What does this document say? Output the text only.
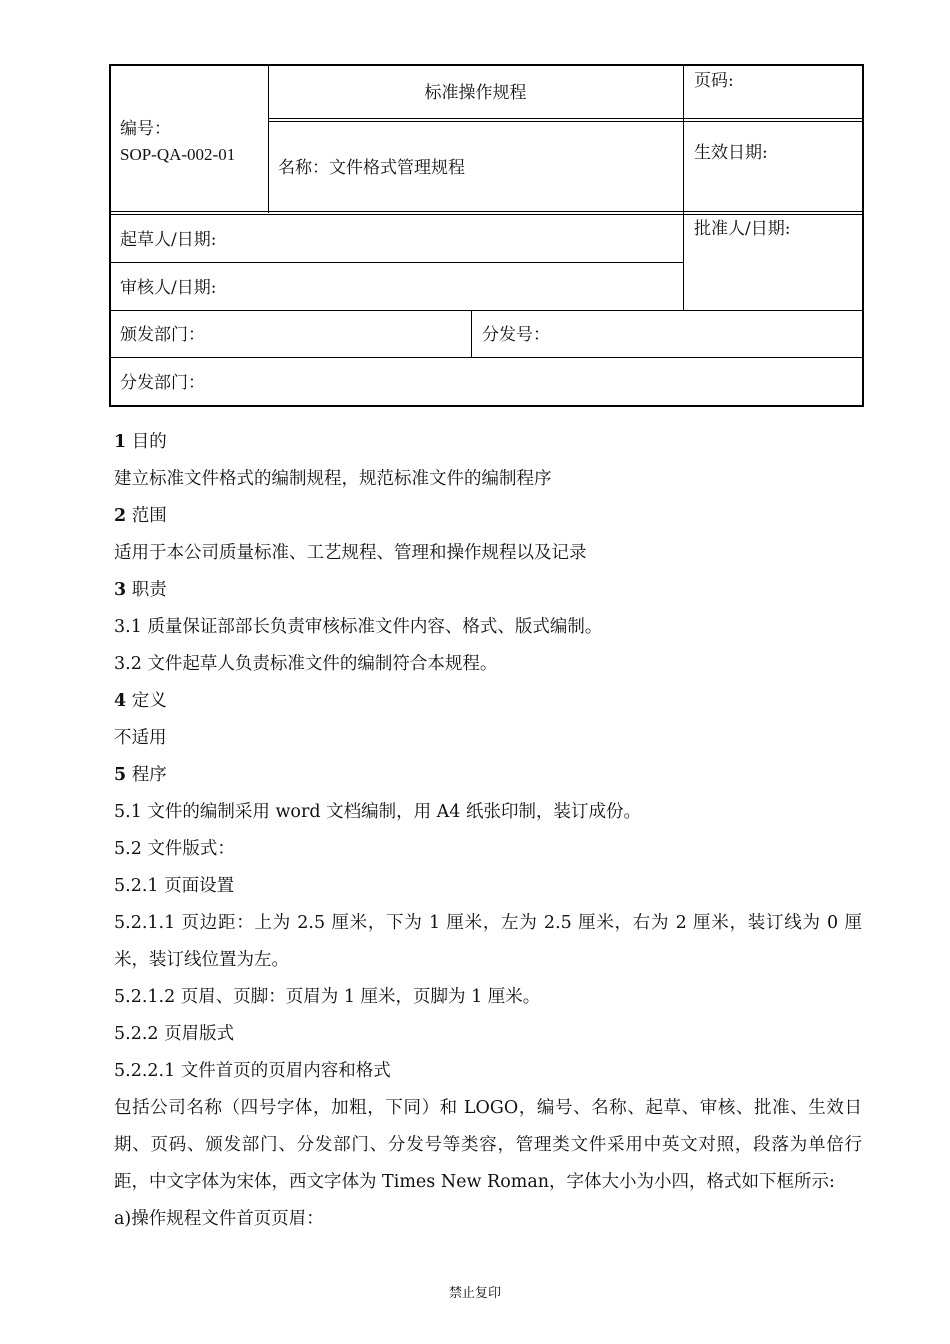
编号：
SOP-QA-002-01
标准操作规程
页码:
名称：文件格式管理规程
生效日期:
起草人/日期:
批准人/日期:
审核人/日期:
颁发部门：	分发号：
分发部门：

1 目的

建立标准文件格式的编制规程，规范标准文件的编制程序

2 范围

适用于本公司质量标准、工艺规程、管理和操作规程以及记录

3 职责

3.1 质量保证部部长负责审核标准文件内容、格式、版式编制。

3.2 文件起草人负责标准文件的编制符合本规程。

4 定义

不适用

5 程序

5.1 文件的编制采用 word 文档编制，用 A4 纸张印制，装订成份。

5.2 文件版式：

5.2.1 页面设置

5.2.1.1 页边距：上为 2.5 厘米，下为 1 厘米，左为 2.5 厘米，右为 2 厘米，装订线为 0 厘米，装订线位置为左。

5.2.1.2 页眉、页脚：页眉为 1 厘米，页脚为 1 厘米。

5.2.2 页眉版式

5.2.2.1 文件首页的页眉内容和格式

包括公司名称（四号字体，加粗，下同）和 LOGO，编号、名称、起草、审核、批准、生效日期、页码、颁发部门、分发部门、分发号等类容，管理类文件采用中英文对照，段落为单倍行距，中文字体为宋体，西文字体为 Times New Roman，字体大小为小四，格式如下框所示:

a)操作规程文件首页页眉：

禁止复印
